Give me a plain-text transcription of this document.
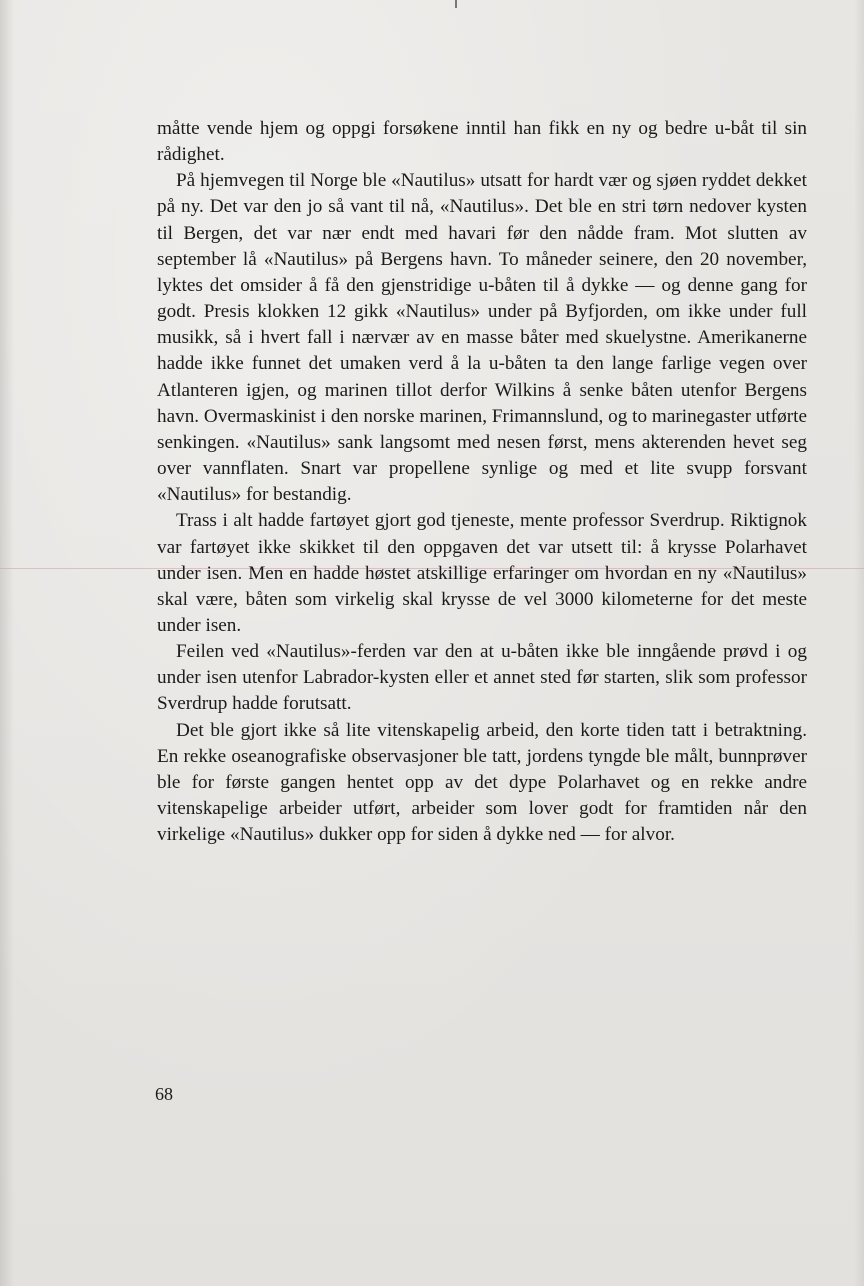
måtte vende hjem og oppgi forsøkene inntil han fikk en ny og bedre u-båt til sin rådighet.

På hjemvegen til Norge ble «Nautilus» utsatt for hardt vær og sjøen ryddet dekket på ny. Det var den jo så vant til nå, «Nautilus». Det ble en stri tørn nedover kysten til Bergen, det var nær endt med havari før den nådde fram. Mot slutten av september lå «Nautilus» på Bergens havn. To måneder seinere, den 20 november, lyktes det omsider å få den gjenstridige u-båten til å dykke — og denne gang for godt. Presis klokken 12 gikk «Nautilus» under på Byfjorden, om ikke under full musikk, så i hvert fall i nærvær av en masse båter med skuelystne. Amerikanerne hadde ikke funnet det umaken verd å la u-båten ta den lange farlige vegen over Atlanteren igjen, og marinen tillot derfor Wilkins å senke båten utenfor Bergens havn. Overmaskinist i den norske marinen, Frimannslund, og to marinegaster utførte senkingen. «Nautilus» sank langsomt med nesen først, mens akterenden hevet seg over vannflaten. Snart var propellene synlige og med et lite svupp forsvant «Nautilus» for bestandig.

Trass i alt hadde fartøyet gjort god tjeneste, mente professor Sverdrup. Riktignok var fartøyet ikke skikket til den oppgaven det var utsett til: å krysse Polarhavet under isen. Men en hadde høstet atskillige erfaringer om hvordan en ny «Nautilus» skal være, båten som virkelig skal krysse de vel 3000 kilometerne for det meste under isen.

Feilen ved «Nautilus»-ferden var den at u-båten ikke ble inngående prøvd i og under isen utenfor Labrador-kysten eller et annet sted før starten, slik som professor Sverdrup hadde forutsatt.

Det ble gjort ikke så lite vitenskapelig arbeid, den korte tiden tatt i betraktning. En rekke oseanografiske observasjoner ble tatt, jordens tyngde ble målt, bunnprøver ble for første gangen hentet opp av det dype Polarhavet og en rekke andre vitenskapelige arbeider utført, arbeider som lover godt for framtiden når den virkelige «Nautilus» dukker opp for siden å dykke ned — for alvor.

68
